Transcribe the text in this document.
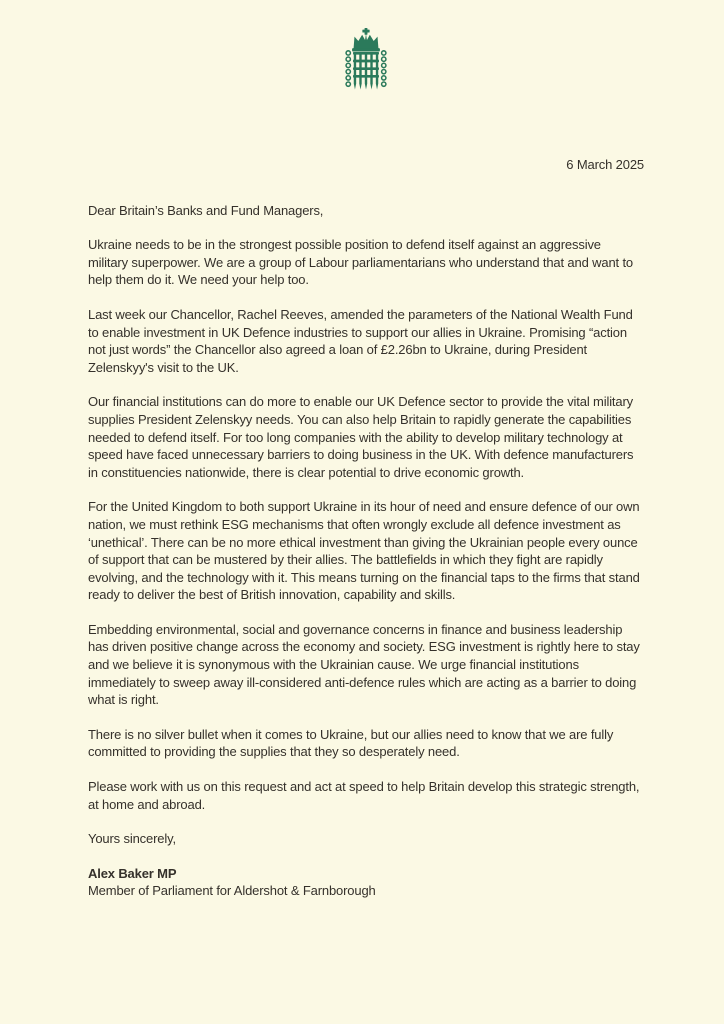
6 March 2025

Dear Britain’s Banks and Fund Managers,

Ukraine needs to be in the strongest possible position to defend itself against an aggressive military superpower. We are a group of Labour parliamentarians who understand that and want to help them do it. We need your help too.

Last week our Chancellor, Rachel Reeves, amended the parameters of the National Wealth Fund to enable investment in UK Defence industries to support our allies in Ukraine. Promising “action not just words” the Chancellor also agreed a loan of £2.26bn to Ukraine, during President Zelenskyy's visit to the UK.

Our financial institutions can do more to enable our UK Defence sector to provide the vital military supplies President Zelenskyy needs. You can also help Britain to rapidly generate the capabilities needed to defend itself. For too long companies with the ability to develop military technology at speed have faced unnecessary barriers to doing business in the UK. With defence manufacturers in constituencies nationwide, there is clear potential to drive economic growth.

For the United Kingdom to both support Ukraine in its hour of need and ensure defence of our own nation, we must rethink ESG mechanisms that often wrongly exclude all defence investment as ‘unethical’. There can be no more ethical investment than giving the Ukrainian people every ounce of support that can be mustered by their allies. The battlefields in which they fight are rapidly evolving, and the technology with it. This means turning on the financial taps to the firms that stand ready to deliver the best of British innovation, capability and skills.

Embedding environmental, social and governance concerns in finance and business leadership has driven positive change across the economy and society. ESG investment is rightly here to stay and we believe it is synonymous with the Ukrainian cause. We urge financial institutions immediately to sweep away ill-considered anti-defence rules which are acting as a barrier to doing what is right.

There is no silver bullet when it comes to Ukraine, but our allies need to know that we are fully committed to providing the supplies that they so desperately need.

Please work with us on this request and act at speed to help Britain develop this strategic strength, at home and abroad.

Yours sincerely,

Alex Baker MP

Member of Parliament for Aldershot & Farnborough
